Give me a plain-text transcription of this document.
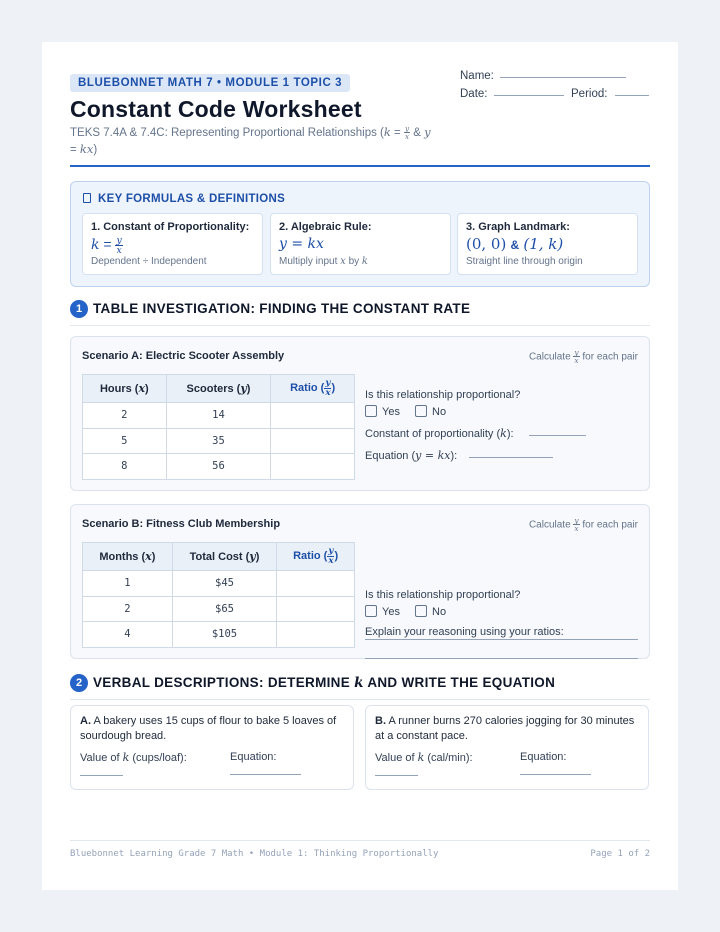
BLUEBONNET MATH 7 • MODULE 1 TOPIC 3
Constant Code Worksheet
TEKS 7.4A & 7.4C: Representing Proportional Relationships ($k = \frac{y}{x}$ & y
= kx)
Name:
Date:	Period:
KEY FORMULAS & DEFINITIONS
1. Constant of Proportionality:
$k = \frac{y}{x}$
Dependent ÷ Independent
2. Algebraic Rule:
y = kx
Multiply input x by k
3. Graph Landmark:
(0, 0) & (1, k)
Straight line through origin
1 TABLE INVESTIGATION: FINDING THE CONSTANT RATE
Scenario A: Electric Scooter Assembly	Calculate $\frac{y}{x}$ for each pair
Hours (x)	Scooters (y)	Ratio ( $\frac{y}{x}$ )
2	14	
5	35	
8	56	
Is this relationship proportional?
Yes	No
Constant of proportionality (k):
Equation (y = kx):
Scenario B: Fitness Club Membership	Calculate $\frac{y}{x}$ for each pair
Months (x)	Total Cost (y)	Ratio ( $\frac{y}{x}$ )
1	$45	
2	$65	
4	$105	
Is this relationship proportional?
Yes	No
Explain your reasoning using your ratios:
2 VERBAL DESCRIPTIONS: DETERMINE k AND WRITE THE EQUATION
A. A bakery uses 15 cups of flour to bake 5 loaves of sourdough bread.
Value of k (cups/loaf):	Equation:
B. A runner burns 270 calories jogging for 30 minutes at a constant pace.
Value of k (cal/min):	Equation:
Bluebonnet Learning Grade 7 Math • Module 1: Thinking Proportionally	Page 1 of 2
